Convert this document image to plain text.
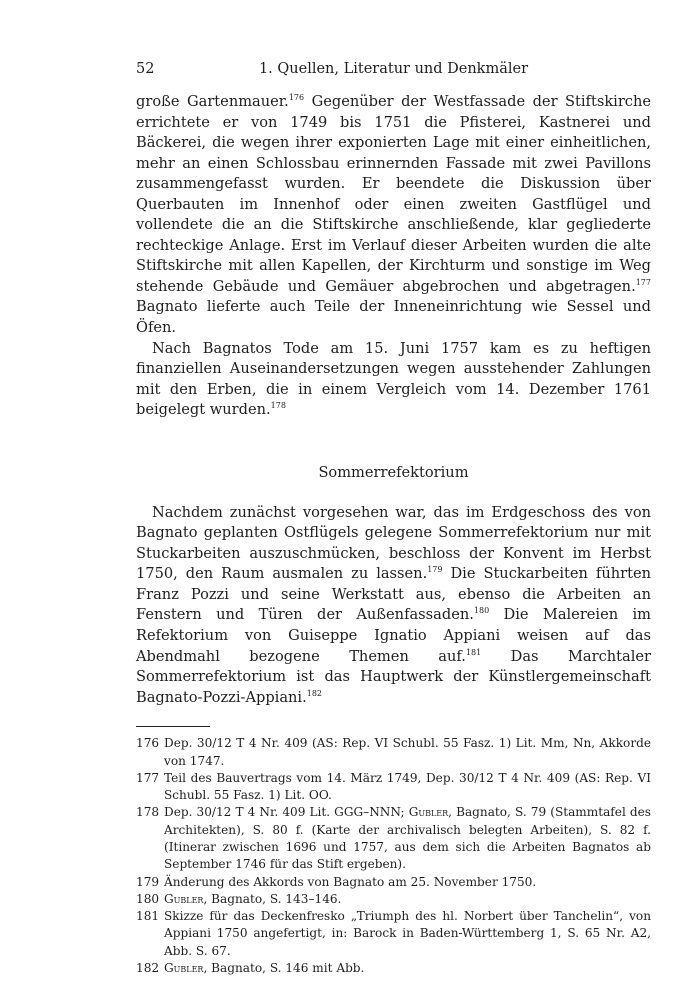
52	1. Quellen, Literatur und Denkmäler

große Gartenmauer.$^{176}$ Gegenüber der Westfassade der Stiftskirche errichtete er von 1749 bis 1751 die Pfisterei, Kastnerei und Bäckerei, die wegen ihrer exponierten Lage mit einer einheitlichen, mehr an einen Schlossbau erinnernden Fassade mit zwei Pavillons zusammengefasst wurden. Er beendete die Diskussion über Querbauten im Innenhof oder einen zweiten Gastflügel und vollendete die an die Stiftskirche anschließende, klar gegliederte rechteckige Anlage. Erst im Verlauf dieser Arbeiten wurden die alte Stiftskirche mit allen Kapellen, der Kirchturm und sonstige im Weg stehende Gebäude und Gemäuer abgebrochen und abgetragen.$^{177}$ Bagnato lieferte auch Teile der Inneneinrichtung wie Sessel und Öfen.

Nach Bagnatos Tode am 15. Juni 1757 kam es zu heftigen finanziellen Auseinandersetzungen wegen ausstehender Zahlungen mit den Erben, die in einem Vergleich vom 14. Dezember 1761 beigelegt wurden.$^{178}$

Sommerrefektorium

Nachdem zunächst vorgesehen war, das im Erdgeschoss des von Bagnato geplanten Ostflügels gelegene Sommerrefektorium nur mit Stuckarbeiten auszuschmücken, beschloss der Konvent im Herbst 1750, den Raum ausmalen zu lassen.$^{179}$ Die Stuckarbeiten führten Franz Pozzi und seine Werkstatt aus, ebenso die Arbeiten an Fenstern und Türen der Außenfassaden.$^{180}$ Die Malereien im Refektorium von Guiseppe Ignatio Appiani weisen auf das Abendmahl bezogene Themen auf.$^{181}$ Das Marchtaler Sommerrefektorium ist das Hauptwerk der Künstlergemeinschaft Bagnato-Pozzi-Appiani.$^{182}$

176 Dep. 30/12 T 4 Nr. 409 (AS: Rep. VI Schubl. 55 Fasz. 1) Lit. Mm, Nn, Akkorde von 1747.
177 Teil des Bauvertrags vom 14. März 1749, Dep. 30/12 T 4 Nr. 409 (AS: Rep. VI Schubl. 55 Fasz. 1) Lit. OO.
178 Dep. 30/12 T 4 Nr. 409 Lit. GGG–NNN; Gubler, Bagnato, S. 79 (Stammtafel des Architekten), S. 80 f. (Karte der archivalisch belegten Arbeiten), S. 82 f. (Itinerar zwischen 1696 und 1757, aus dem sich die Arbeiten Bagnatos ab September 1746 für das Stift ergeben).
179 Änderung des Akkords von Bagnato am 25. November 1750.
180 Gubler, Bagnato, S. 143–146.
181 Skizze für das Deckenfresko „Triumph des hl. Norbert über Tanchelin“, von Appiani 1750 angefertigt, in: Barock in Baden-Württemberg 1, S. 65 Nr. A2, Abb. S. 67.
182 Gubler, Bagnato, S. 146 mit Abb.
